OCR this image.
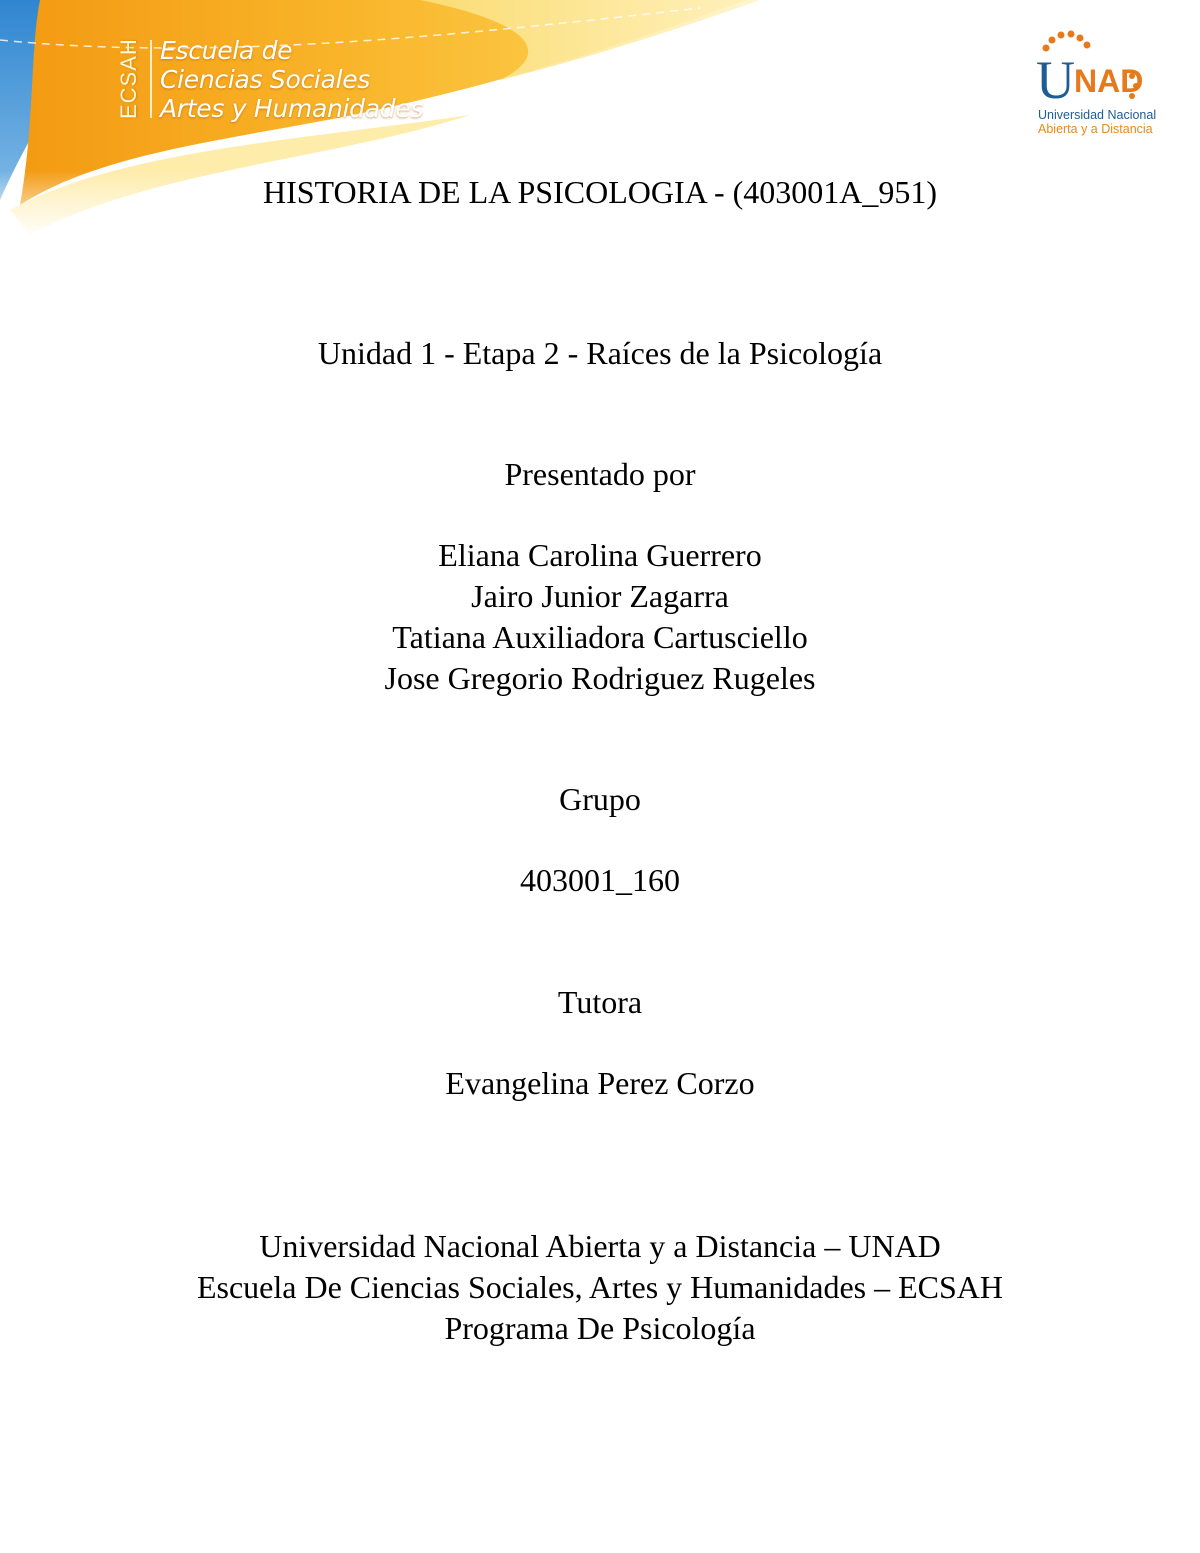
ECSAH Escuela de
Ciencias Sociales
Artes y Humanidades	U NAD
Universidad Nacional
Abierta y a Distancia
HISTORIA DE LA PSICOLOGIA - (403001A_951)
Unidad 1 - Etapa 2 - Raíces de la Psicología
Presentado por
Eliana Carolina Guerrero
Jairo Junior Zagarra
Tatiana Auxiliadora Cartusciello
Jose Gregorio Rodriguez Rugeles
Grupo
403001_160
Tutora
Evangelina Perez Corzo
Universidad Nacional Abierta y a Distancia – UNAD
Escuela De Ciencias Sociales, Artes y Humanidades – ECSAH
Programa De Psicología
